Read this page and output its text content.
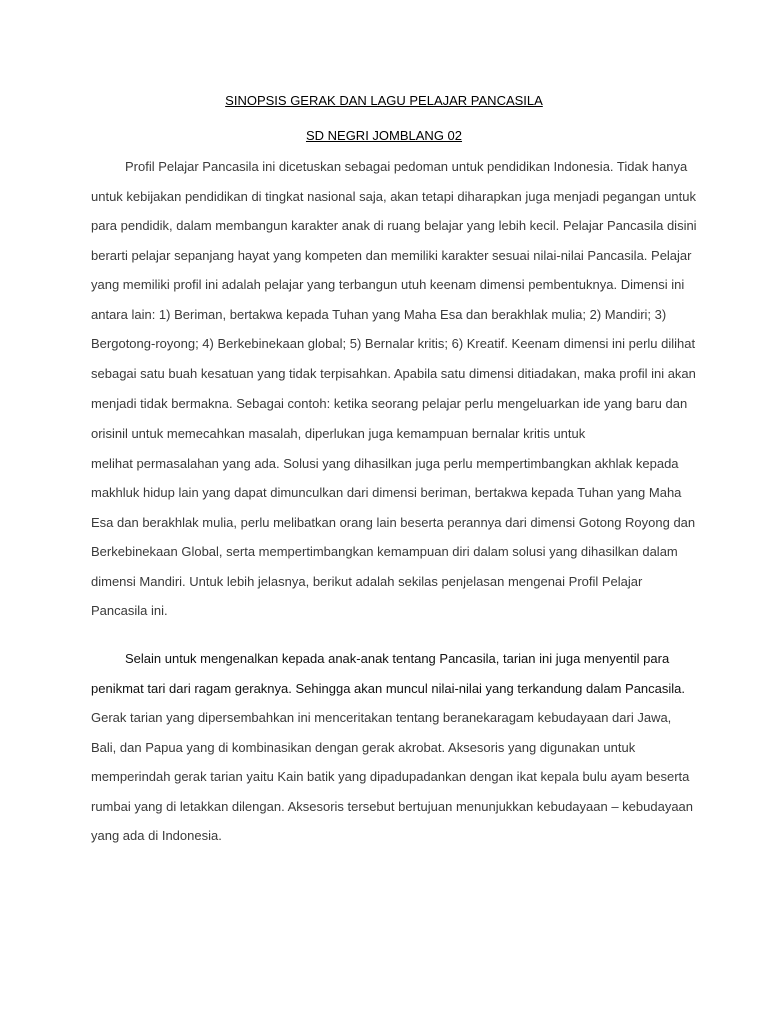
SINOPSIS GERAK DAN LAGU PELAJAR PANCASILA
SD NEGRI JOMBLANG 02

Profil Pelajar Pancasila ini dicetuskan sebagai pedoman untuk pendidikan Indonesia. Tidak hanya

untuk kebijakan pendidikan di tingkat nasional saja, akan tetapi diharapkan juga menjadi pegangan untuk

para pendidik, dalam membangun karakter anak di ruang belajar yang lebih kecil. Pelajar Pancasila disini

berarti pelajar sepanjang hayat yang kompeten dan memiliki karakter sesuai nilai-nilai Pancasila. Pelajar

yang memiliki profil ini adalah pelajar yang terbangun utuh keenam dimensi pembentuknya. Dimensi ini

antara lain: 1) Beriman, bertakwa kepada Tuhan yang Maha Esa dan berakhlak mulia; 2) Mandiri; 3)

Bergotong-royong; 4) Berkebinekaan global; 5) Bernalar kritis; 6) Kreatif. Keenam dimensi ini perlu dilihat

sebagai satu buah kesatuan yang tidak terpisahkan. Apabila satu dimensi ditiadakan, maka profil ini akan

menjadi tidak bermakna. Sebagai contoh: ketika seorang pelajar perlu mengeluarkan ide yang baru dan

orisinil untuk memecahkan masalah, diperlukan juga kemampuan bernalar kritis untuk

melihat permasalahan yang ada. Solusi yang dihasilkan juga perlu mempertimbangkan akhlak kepada

makhluk hidup lain yang dapat dimunculkan dari dimensi beriman, bertakwa kepada Tuhan yang Maha

Esa dan berakhlak mulia, perlu melibatkan orang lain beserta perannya dari dimensi Gotong Royong dan

Berkebinekaan Global, serta mempertimbangkan kemampuan diri dalam solusi yang dihasilkan dalam

dimensi Mandiri. Untuk lebih jelasnya, berikut adalah sekilas penjelasan mengenai Profil Pelajar

Pancasila ini.

Selain untuk mengenalkan kepada anak-anak tentang Pancasila, tarian ini juga menyentil para

penikmat tari dari ragam geraknya. Sehingga akan muncul nilai-nilai yang terkandung dalam Pancasila.

Gerak tarian yang dipersembahkan ini menceritakan tentang beranekaragam kebudayaan dari Jawa,

Bali, dan Papua yang di kombinasikan dengan gerak akrobat. Aksesoris yang digunakan untuk

memperindah gerak tarian yaitu Kain batik yang dipadupadankan dengan ikat kepala bulu ayam beserta

rumbai yang di letakkan dilengan. Aksesoris tersebut bertujuan menunjukkan kebudayaan – kebudayaan

yang ada di Indonesia.
